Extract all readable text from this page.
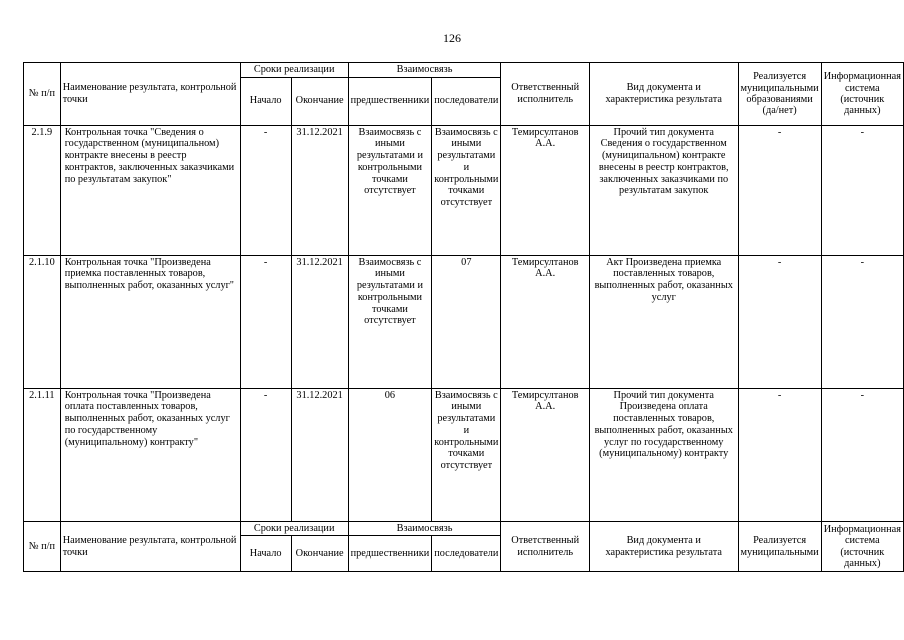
126
№ п/п	Наименование результата, контрольной точки	Сроки реализации		Взаимосвязь		Ответственный исполнитель	Вид документа и характеристика результата	Реализуется муниципальными образованиями (да/нет)	Информационная система (источник данных)
		Начало	Окончание	предшественники	последователи				
2.1.9	Контрольная точка "Сведения о государственном (муниципальном) контракте внесены в реестр контрактов, заключенных заказчиками по результатам закупок"	-	31.12.2021	Взаимосвязь с иными результатами и контрольными точками отсутствует	Взаимосвязь с иными результатами и контрольными точками отсутствует	Темирсултанов А.А.	Прочий тип документа Сведения о государственном (муниципальном) контракте внесены в реестр контрактов, заключенных заказчиками по результатам закупок	-	-
2.1.10	Контрольная точка "Произведена приемка поставленных товаров, выполненных работ, оказанных услуг"	-	31.12.2021	Взаимосвязь с иными результатами и контрольными точками отсутствует	07	Темирсултанов А.А.	Акт Произведена приемка поставленных товаров, выполненных работ, оказанных услуг	-	-
2.1.11	Контрольная точка "Произведена оплата поставленных товаров, выполненных работ, оказанных услуг по государственному (муниципальному) контракту"	-	31.12.2021	06	Взаимосвязь с иными результатами и контрольными точками отсутствует	Темирсултанов А.А.	Прочий тип документа Произведена оплата поставленных товаров, выполненных работ, оказанных услуг по государственному (муниципальному) контракту	-	-
№ п/п	Наименование результата, контрольной точки	Сроки реализации		Взаимосвязь		Ответственный исполнитель	Вид документа и характеристика результата	Реализуется муниципальными	Информационная система (источник данных)
		Начало	Окончание	предшественники	последователи				
